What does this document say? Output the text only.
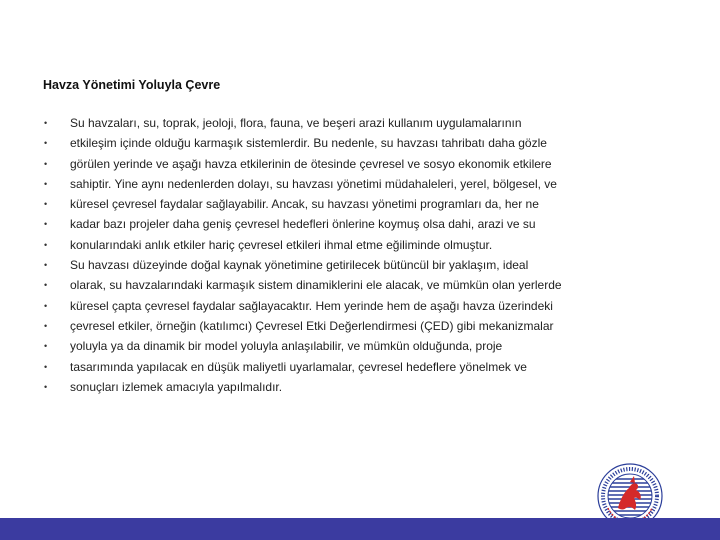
Havza Yönetimi Yoluyla Çevre
•	Su havzaları, su, toprak, jeoloji, flora, fauna, ve beşeri arazi kullanım uygulamalarının
•	etkileşim içinde olduğu karmaşık sistemlerdir. Bu nedenle, su havzası tahribatı daha gözle
•	görülen yerinde ve aşağı havza etkilerinin de ötesinde çevresel ve sosyo ekonomik etkilere
•	sahiptir. Yine aynı nedenlerden dolayı, su havzası yönetimi müdahaleleri, yerel, bölgesel, ve
•	küresel çevresel faydalar sağlayabilir. Ancak, su havzası yönetimi programları da, her ne
•	kadar bazı projeler daha geniş çevresel hedefleri önlerine koymuş olsa dahi, arazi ve su
•	konularındaki anlık etkiler hariç çevresel etkileri ihmal etme eğiliminde olmuştur.
•	Su havzası düzeyinde doğal kaynak yönetimine getirilecek bütüncül bir yaklaşım, ideal
•	olarak, su havzalarındaki karmaşık sistem dinamiklerini ele alacak, ve mümkün olan yerlerde
•	küresel çapta çevresel faydalar sağlayacaktır. Hem yerinde hem de aşağı havza üzerindeki
•	çevresel etkiler, örneğin (katılımcı) Çevresel Etki Değerlendirmesi (ÇED) gibi mekanizmalar
•	yoluyla ya da dinamik bir model yoluyla anlaşılabilir, ve mümkün olduğunda, proje
•	tasarımında yapılacak en düşük maliyetli uyarlamalar, çevresel hedeflere yönelmek ve
•	sonuçları izlemek amacıyla yapılmalıdır.
